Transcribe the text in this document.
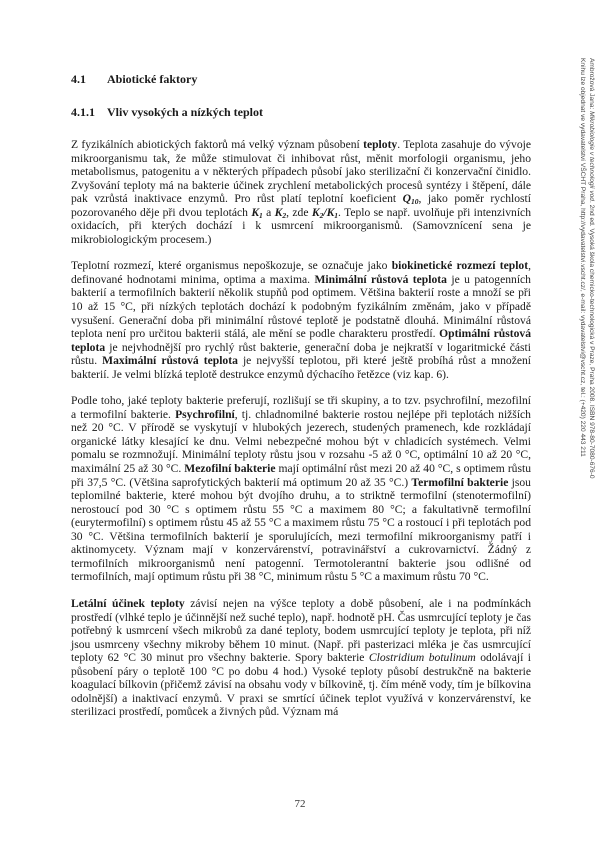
4.1	Abiotické faktory
4.1.1	Vliv vysokých a nízkých teplot

Z fyzikálních abiotických faktorů má velký význam působení teploty. Teplota zasahuje do vývoje mikroorganismu tak, že může stimulovat či inhibovat růst, měnit morfologii organismu, jeho metabolismus, patogenitu a v některých případech působí jako sterilizační či konzervační činidlo. Zvyšování teploty má na bakterie účinek zrychlení metabolických procesů syntézy i štěpení, dále pak vzrůstá inaktivace enzymů. Pro růst platí teplotní koeficient $Q_{10}$, jako poměr rychlostí pozorovaného děje při dvou teplotách $K_1$ a $K_2$, zde $K_2/K_1$. Teplo se např. uvolňuje při intenzivních oxidacích, při kterých dochází i k usmrcení mikroorganismů. (Samovznícení sena je mikrobiologickým procesem.)

Teplotní rozmezí, které organismus nepoškozuje, se označuje jako biokinetické rozmezí teplot, definované hodnotami minima, optima a maxima. Minimální růstová teplota je u patogenních bakterií a termofilních bakterií několik stupňů pod optimem. Většina bakterií roste a množí se při 10 až 15 °C, při nízkých teplotách dochází k podobným fyzikálním změnám, jako v případě vysušení. Generační doba při minimální růstové teplotě je podstatně dlouhá. Minimální růstová teplota není pro určitou bakterii stálá, ale mění se podle charakteru prostředí. Optimální růstová teplota je nejvhodnější pro rychlý růst bakterie, generační doba je nejkratší v logaritmické části růstu. Maximální růstová teplota je nejvyšší teplotou, při které ještě probíhá růst a množení bakterií. Je velmi blízká teplotě destrukce enzymů dýchacího řetězce (viz kap. 6).

Podle toho, jaké teploty bakterie preferují, rozlišují se tři skupiny, a to tzv. psychrofilní, mezofilní a termofilní bakterie. Psychrofilní, tj. chladnomilné bakterie rostou nejlépe při teplotách nižších než 20 °C. V přírodě se vyskytují v hlubokých jezerech, studených pramenech, kde rozkládají organické látky klesající ke dnu. Velmi nebezpečné mohou být v chladicích systémech. Velmi pomalu se rozmnožují. Minimální teploty růstu jsou v rozsahu -5 až 0 °C, optimální 10 až 20 °C, maximální 25 až 30 °C. Mezofilní bakterie mají optimální růst mezi 20 až 40 °C, s optimem růstu při 37,5 °C. (Většina saprofytických bakterií má optimum 20 až 35 °C.) Termofilní bakterie jsou teplomilné bakterie, které mohou být dvojího druhu, a to striktně termofilní (stenotermofilní) nerostoucí pod 30 °C s optimem růstu 55 °C a maximem 80 °C; a fakultativně termofilní (eurytermofilní) s optimem růstu 45 až 55 °C a maximem růstu 75 °C a rostoucí i při teplotách pod 30 °C. Většina termofilních bakterií je sporulujících, mezi termofilní mikroorganismy patří i aktinomycety. Význam mají v konzervárenství, potravinářství a cukrovarnictví. Žádný z termofilních mikroorganismů není patogenní. Termotolerantní bakterie jsou odlišné od termofilních, mají optimum růstu při 38 °C, minimum růstu 5 °C a maximum růstu 70 °C.

Letální účinek teploty závisí nejen na výšce teploty a době působení, ale i na podmínkách prostředí (vlhké teplo je účinnější než suché teplo), např. hodnotě pH. Čas usmrcující teploty je čas potřebný k usmrcení všech mikrobů za dané teploty, bodem usmrcující teploty je teplota, při níž jsou usmrceny všechny mikroby během 10 minut. (Např. při pasterizaci mléka je čas usmrcující teploty 62 °C 30 minut pro všechny bakterie. Spory bakterie Clostridium botulinum odolávají i působení páry o teplotě 100 °C po dobu 4 hod.) Vysoké teploty působí destrukčně na bakterie koagulací bílkovin (přičemž závisí na obsahu vody v bílkovině, tj. čím méně vody, tím je bílkovina odolnější) a inaktivací enzymů. V praxi se smrtící účinek teplot využívá v konzervárenství, ke sterilizaci prostředí, pomůcek a živných půd. Význam má

72
Ambrožová Jana: Mikrobiologie v technologii vod. 2nd ed. Vysoká škola chemicko-technologická v Praze, Praha 2008. ISBN 978-80-7080-676-0
Knihu lze objednat ve vydavatelství VŠCHT Praha, http://vydavatelstvi.vscht.cz/, e-mail: vydavatelstvi@vscht.cz, tel.: (+420) 220 443 211
